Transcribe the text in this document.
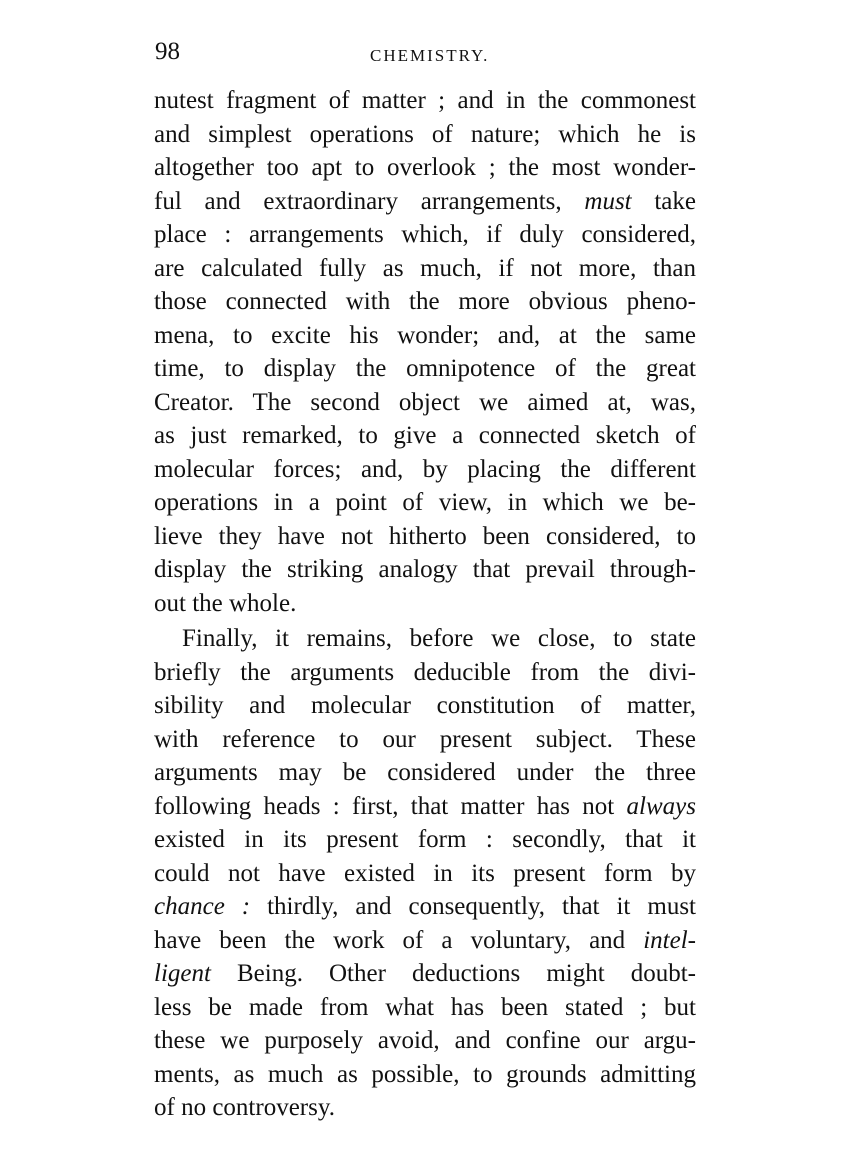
98	CHEMISTRY.
nutest fragment of matter ; and in the commonest
and simplest operations of nature; which he is
altogether too apt to overlook ; the most wonder-
ful and extraordinary arrangements, must take
place : arrangements which, if duly considered,
are calculated fully as much, if not more, than
those connected with the more obvious pheno-
mena, to excite his wonder; and, at the same
time, to display the omnipotence of the great
Creator. The second object we aimed at, was,
as just remarked, to give a connected sketch of
molecular forces; and, by placing the different
operations in a point of view, in which we be-
lieve they have not hitherto been considered, to
display the striking analogy that prevail through-
out the whole.
Finally, it remains, before we close, to state
briefly the arguments deducible from the divi-
sibility and molecular constitution of matter,
with reference to our present subject. These
arguments may be considered under the three
following heads : first, that matter has not always
existed in its present form : secondly, that it
could not have existed in its present form by
chance : thirdly, and consequently, that it must
have been the work of a voluntary, and intel-
ligent Being. Other deductions might doubt-
less be made from what has been stated ; but
these we purposely avoid, and confine our argu-
ments, as much as possible, to grounds admitting
of no controversy.
